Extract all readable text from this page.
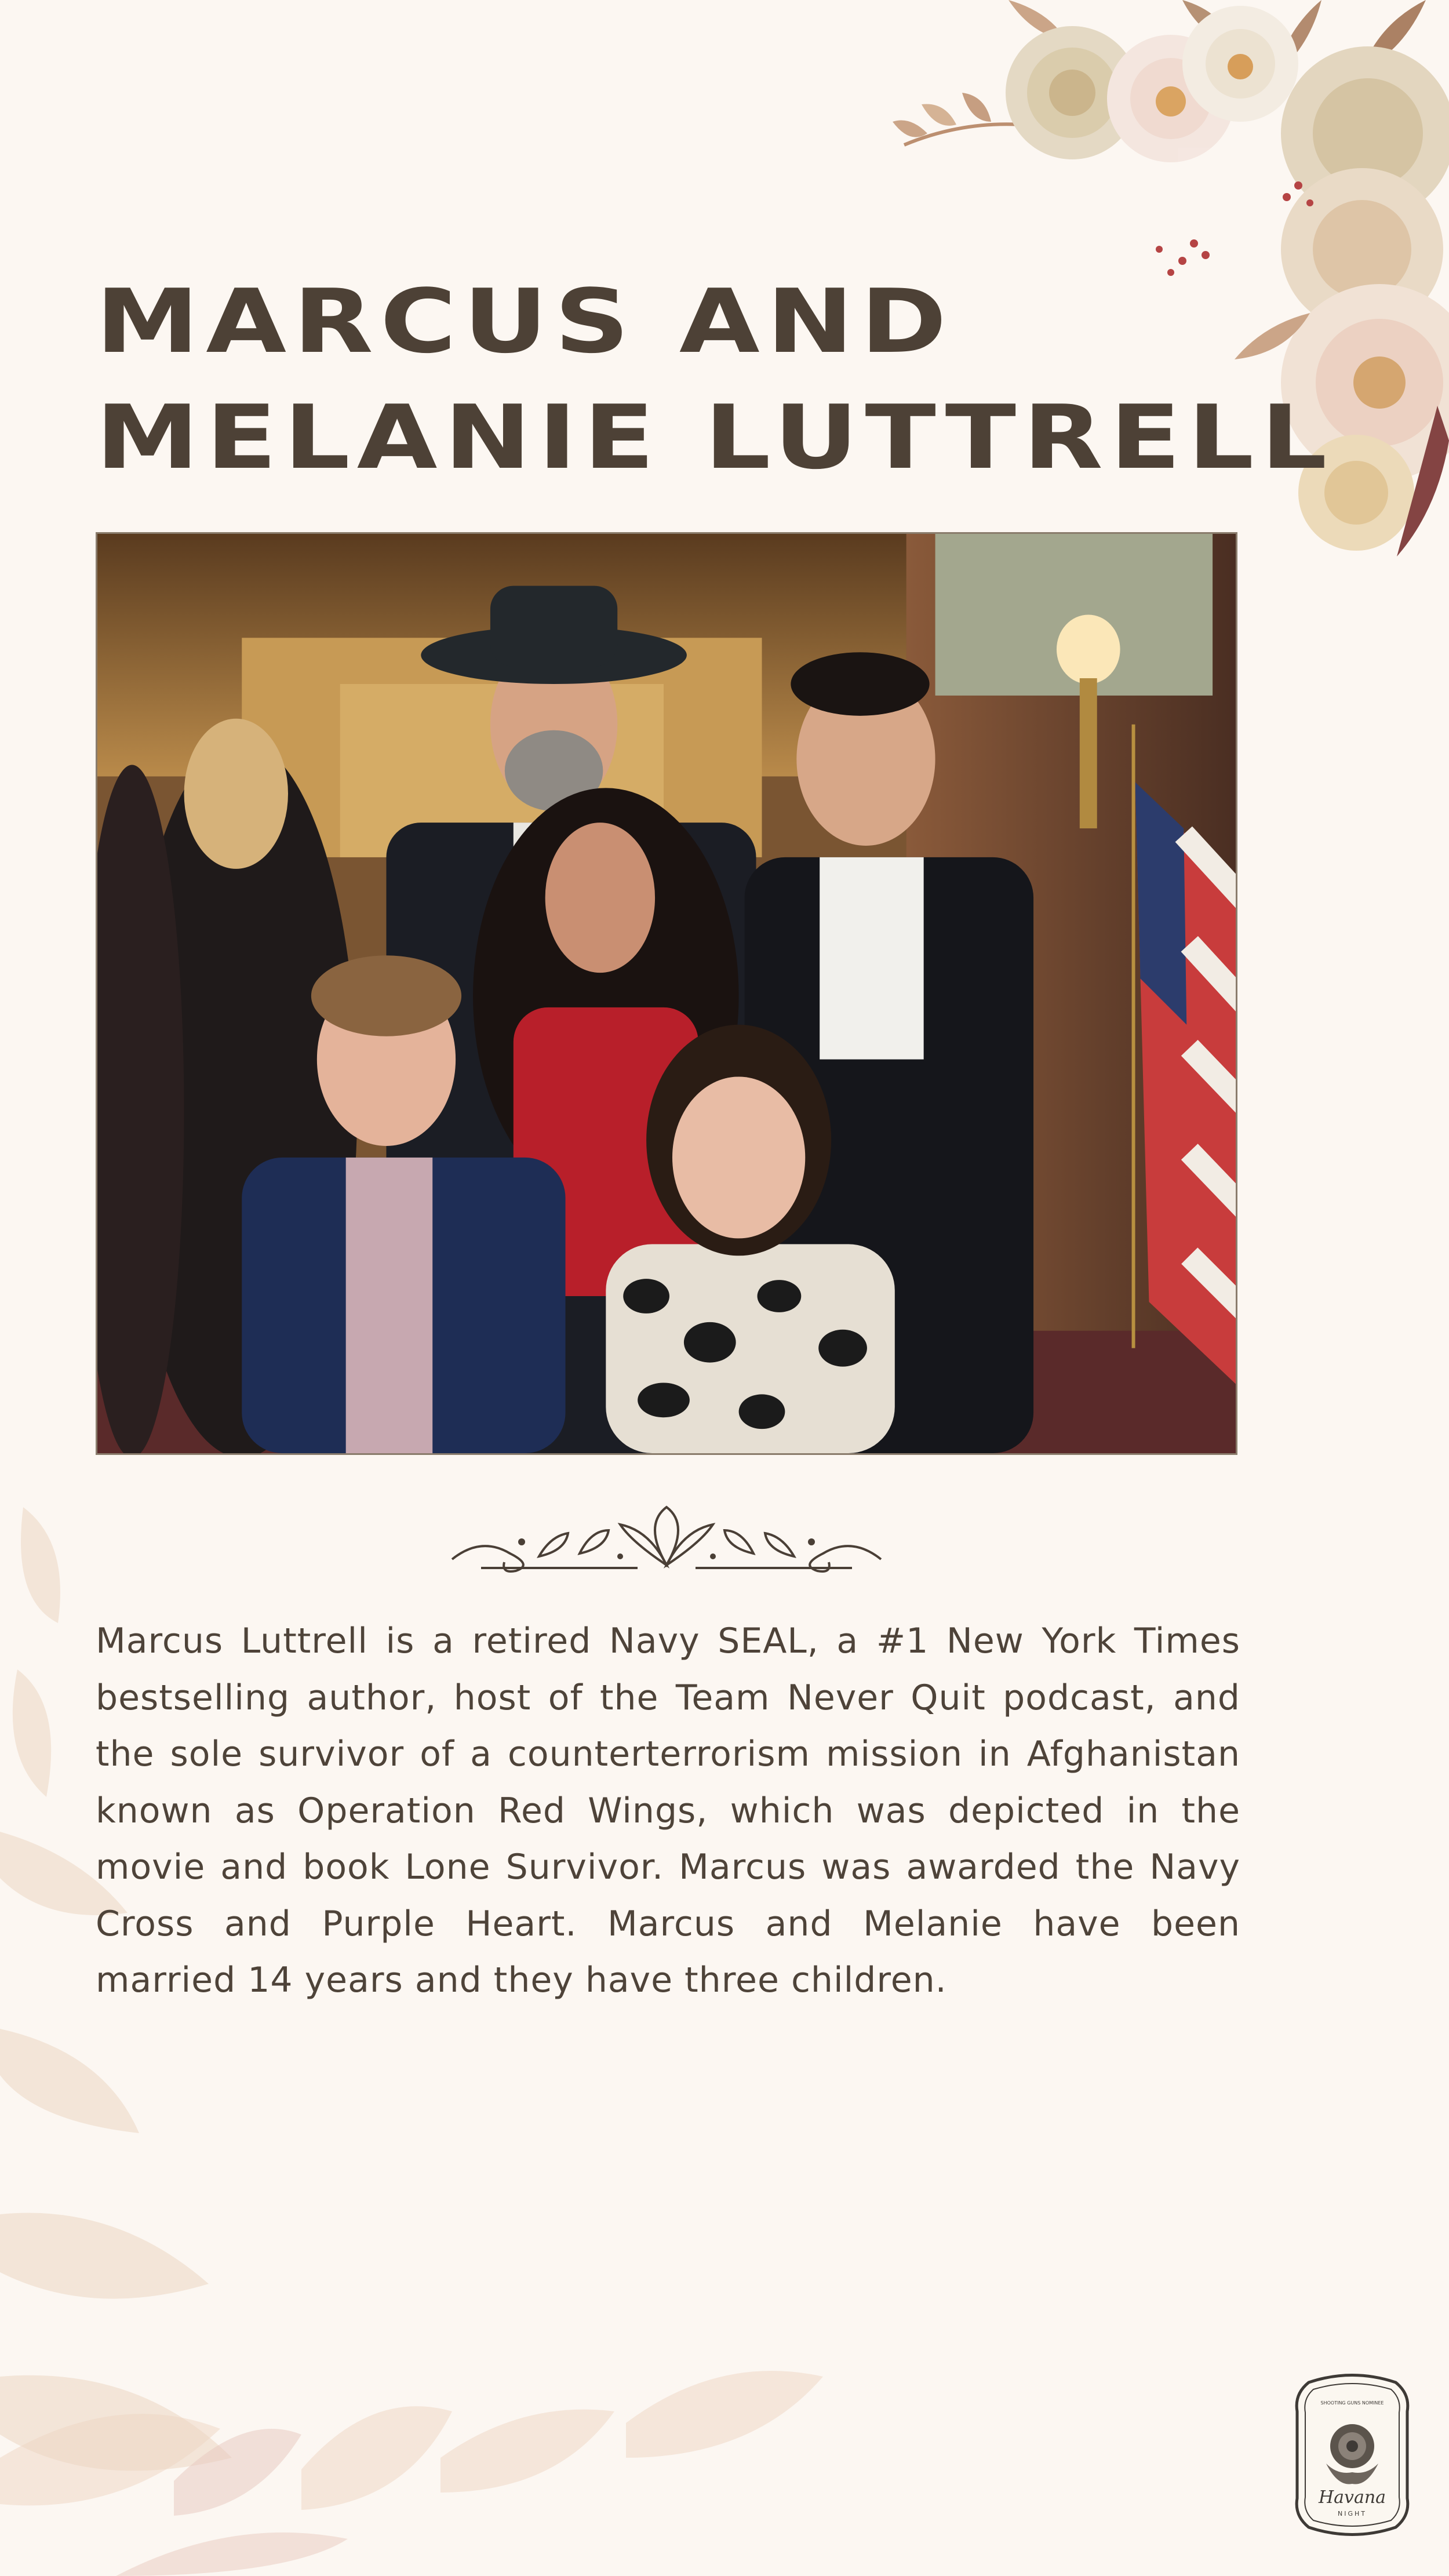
MARCUS AND
MELANIE LUTTRELL

Marcus Luttrell is a retired Navy SEAL, a #1 New York Times bestselling author, host of the Team Never Quit podcast, and the sole survivor of a counterterrorism mission in Afghanistan known as Operation Red Wings, which was depicted in the movie and book Lone Survivor. Marcus was awarded the Navy Cross and Purple Heart. Marcus and Melanie have been married 14 years and they have three children.

SHOOTING GUNS NOMINEE
Havana
NIGHT
